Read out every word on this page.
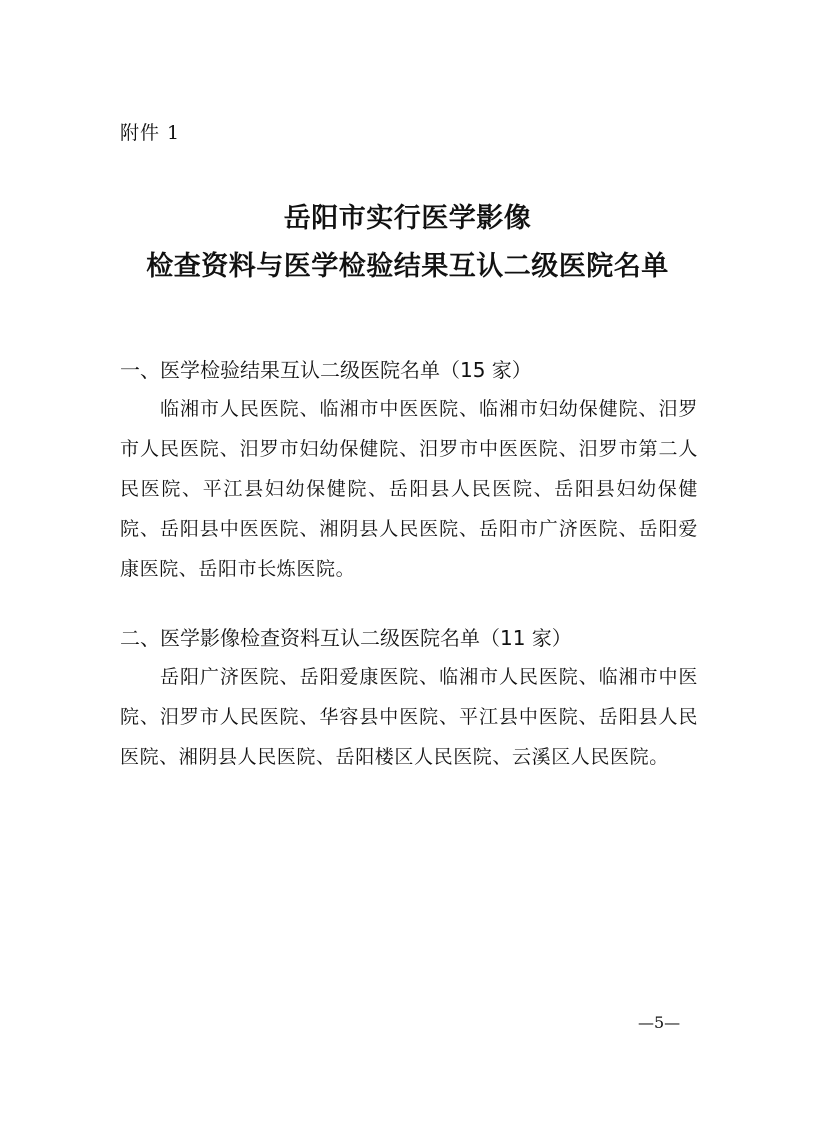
附件 1
岳阳市实行医学影像
检查资料与医学检验结果互认二级医院名单
一、医学检验结果互认二级医院名单（15 家）
临湘市人民医院、临湘市中医医院、临湘市妇幼保健院、汨罗市人民医院、汨罗市妇幼保健院、汨罗市中医医院、汨罗市第二人民医院、平江县妇幼保健院、岳阳县人民医院、岳阳县妇幼保健院、岳阳县中医医院、湘阴县人民医院、岳阳市广济医院、岳阳爱康医院、岳阳市长炼医院。
二、医学影像检查资料互认二级医院名单（11 家）
岳阳广济医院、岳阳爱康医院、临湘市人民医院、临湘市中医院、汨罗市人民医院、华容县中医院、平江县中医院、岳阳县人民医院、湘阴县人民医院、岳阳楼区人民医院、云溪区人民医院。
—5—
